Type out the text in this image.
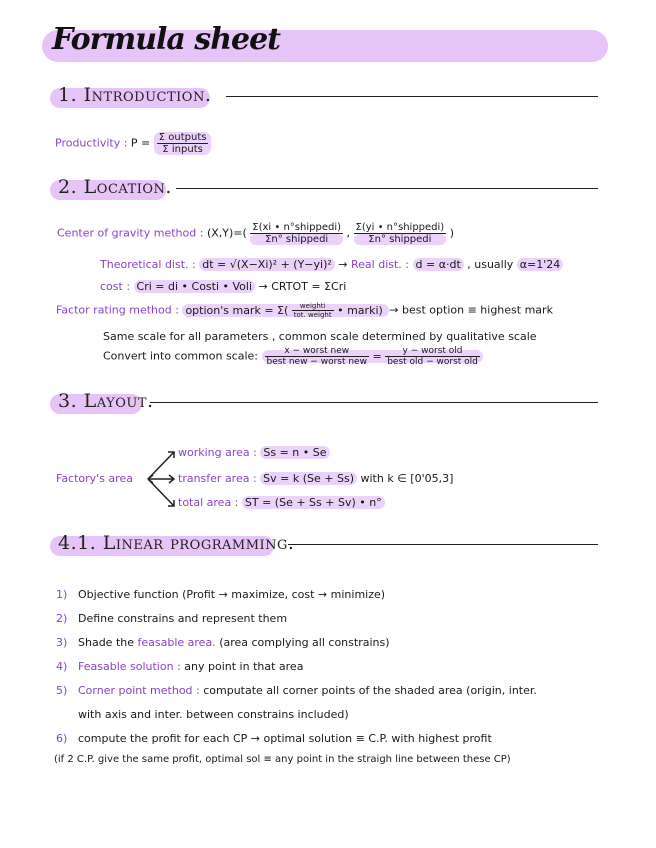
Formula sheet
1. Introduction.
Productivity : $P = \frac{\text{Σ outputs}}{\text{Σ inputs}}$
2. Location.
Center of gravity method : $(X,Y)=( \frac{\text{Σ(xi • n°shippedi)}}{\text{Σn° shippedi}}$ , $\frac{\text{Σ(yi • n°shippedi)}}{\text{Σn° shippedi}}$ )
Theoretical dist. : dt = √(X−Xi)² + (Y−yi)² → Real dist. : d = α·dt , usually α=1'24
cost : Cri = di • Costi • Voli → CRTOT = ΣCri
Factor rating method : option's mark = $\Sigma( \frac{\text{weighti}}{\text{tot. weight}}$ • marki) → best option ≡ highest mark
Same scale for all parameters , common scale determined by qualitative scale
Convert into common scale: $\frac{\text{x − worst new}}{\text{best new − worst new}} = \frac{\text{y − worst old}}{\text{best old − worst old}}$
3. Layout.
Factory's area
working area : Ss = n • Se
transfer area : Sv = k (Se + Ss) with k ∈ [0'05,3]
total area : ST = (Se + Ss + Sv) • n°
4.1. Linear programming.
1) Objective function (Profit → maximize, cost → minimize)
2) Define constrains and represent them
3) Shade the feasable area. (area complying all constrains)
4) Feasable solution : any point in that area
5) Corner point method : computate all corner points of the shaded area (origin, inter.
with axis and inter. between constrains included)
6) compute the profit for each CP → optimal solution ≡ C.P. with highest profit
(if 2 C.P. give the same profit, optimal sol ≡ any point in the straigh line between these CP)
